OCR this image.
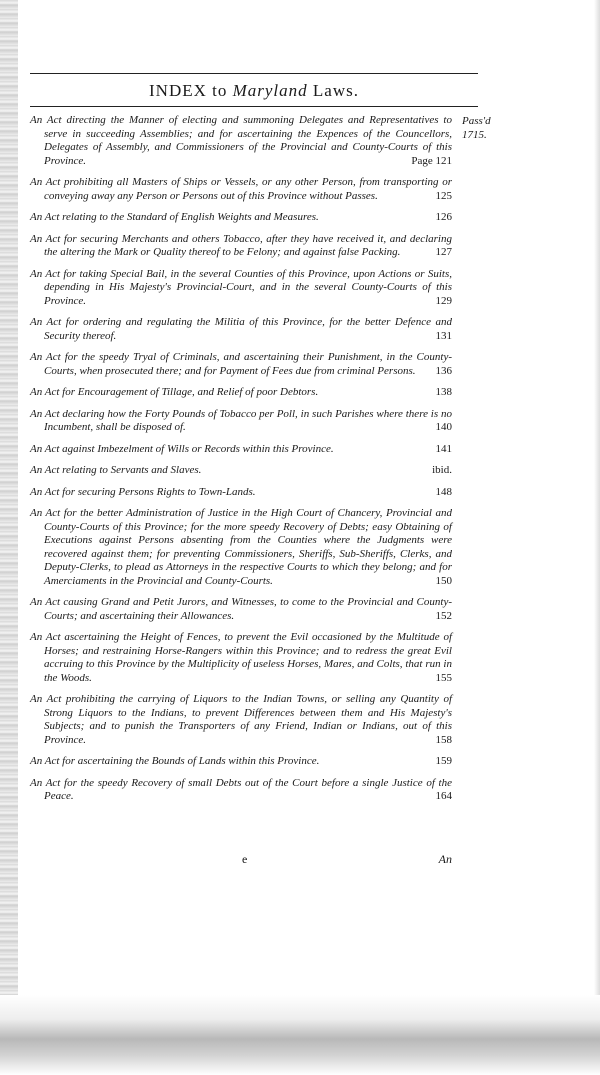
INDEX to Maryland Laws.
Pass'd
1715.
An Act directing the Manner of electing and summoning Delegates and Representatives to serve in succeeding Assemblies; and for ascertaining the Expences of the Councellors, Delegates of Assembly, and Commissioners of the Provincial and County-Courts of this Province.	Page 121
An Act prohibiting all Masters of Ships or Vessels, or any other Person, from transporting or conveying away any Person or Persons out of this Province without Passes.	125
An Act relating to the Standard of English Weights and Measures.	126
An Act for securing Merchants and others Tobacco, after they have received it, and declaring the altering the Mark or Quality thereof to be Felony; and against false Packing.	127
An Act for taking Special Bail, in the several Counties of this Province, upon Actions or Suits, depending in His Majesty's Provincial-Court, and in the several County-Courts of this Province.	129
An Act for ordering and regulating the Militia of this Province, for the better Defence and Security thereof.	131
An Act for the speedy Tryal of Criminals, and ascertaining their Punishment, in the County-Courts, when prosecuted there; and for Payment of Fees due from criminal Persons. 136
An Act for Encouragement of Tillage, and Relief of poor Debtors.	138
An Act declaring how the Forty Pounds of Tobacco per Poll, in such Parishes where there is no Incumbent, shall be disposed of.	140
An Act against Imbezelment of Wills or Records within this Province.	141
An Act relating to Servants and Slaves.	ibid.
An Act for securing Persons Rights to Town-Lands.	148
An Act for the better Administration of Justice in the High Court of Chancery, Provincial and County-Courts of this Province; for the more speedy Recovery of Debts; easy Obtaining of Executions against Persons absenting from the Counties where the Judgments were recovered against them; for preventing Commissioners, Sheriffs, Sub-Sheriffs, Clerks, and Deputy-Clerks, to plead as Attorneys in the respective Courts to which they belong; and for Amerciaments in the Provincial and County-Courts.	150
An Act causing Grand and Petit Jurors, and Witnesses, to come to the Provincial and County-Courts; and ascertaining their Allowances.	152
An Act ascertaining the Height of Fences, to prevent the Evil occasioned by the Multitude of Horses; and restraining Horse-Rangers within this Province; and to redress the great Evil accruing to this Province by the Multiplicity of useless Horses, Mares, and Colts, that run in the Woods.	155
An Act prohibiting the carrying of Liquors to the Indian Towns, or selling any Quantity of Strong Liquors to the Indians, to prevent Differences between them and His Majesty's Subjects; and to punish the Transporters of any Friend, Indian or Indians, out of this Province.	158
An Act for ascertaining the Bounds of Lands within this Province.	159
An Act for the speedy Recovery of small Debts out of the Court before a single Justice of the Peace.	164
e	An
